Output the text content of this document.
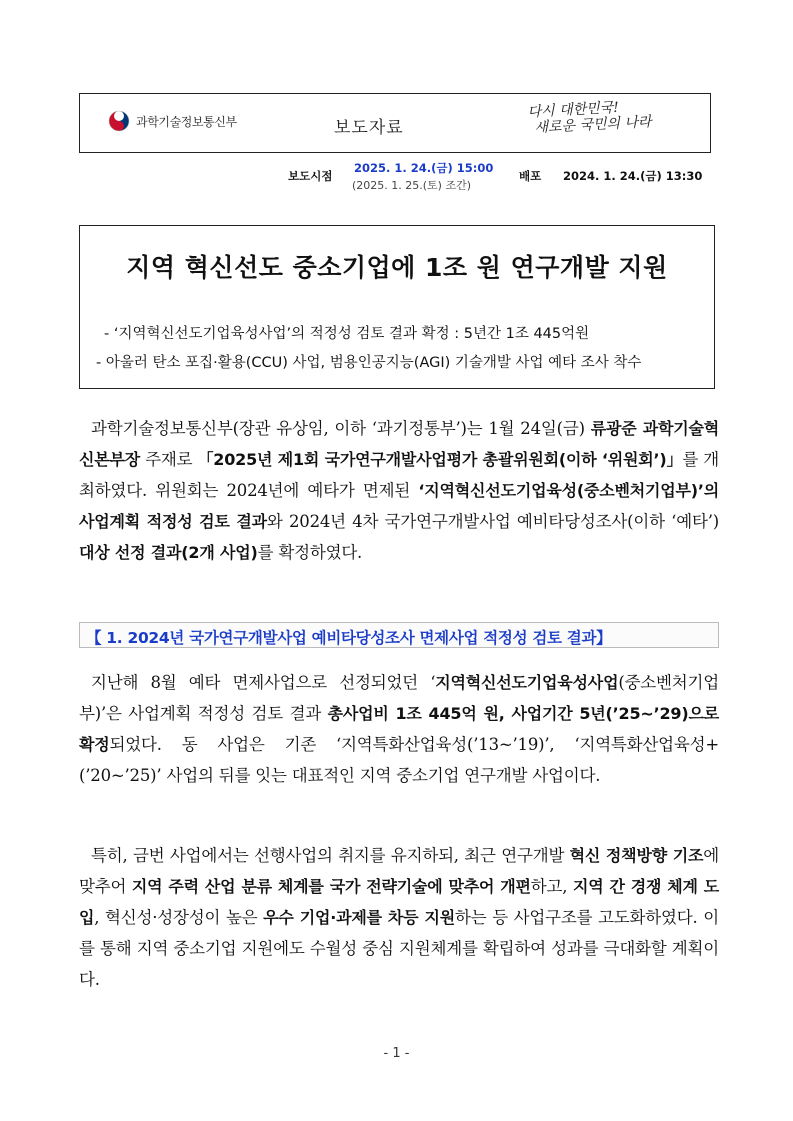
과학기술정보통신부	보도자료
다시 대한민국!
새로운 국민의 나라
보도시점
2025. 1. 24.(금) 15:00
(2025. 1. 25.(토) 조간)
배포 2024. 1. 24.(금) 13:30
지역 혁신선도 중소기업에 1조 원 연구개발 지원
- ‘지역혁신선도기업육성사업’의 적정성 검토 결과 확정 : 5년간 1조 445억원
- 아울러 탄소 포집·활용(CCU) 사업, 범용인공지능(AGI) 기술개발 사업 예타 조사 착수
과학기술정보통신부(장관 유상임, 이하 ‘과기정통부’)는 1월 24일(금) 류광준 과학기술혁신본부장 주재로 「2025년 제1회 국가연구개발사업평가 총괄위원회(이하 ‘위원회’)」를 개최하였다. 위원회는 2024년에 예타가 면제된 ‘지역혁신선도기업육성(중소벤처기업부)’의 사업계획 적정성 검토 결과와 2024년 4차 국가연구개발사업 예비타당성조사(이하 ‘예타’) 대상 선정 결과(2개 사업)를 확정하였다.
【 1. 2024년 국가연구개발사업 예비타당성조사 면제사업 적정성 검토 결과】
지난해 8월 예타 면제사업으로 선정되었던 ‘지역혁신선도기업육성사업(중소벤처기업부)’은 사업계획 적정성 검토 결과 총사업비 1조 445억 원, 사업기간 5년(’25~’29)으로 확정되었다. 동 사업은 기존 ‘지역특화산업육성(’13~’19)’, ‘지역특화산업육성+(’20~’25)’ 사업의 뒤를 잇는 대표적인 지역 중소기업 연구개발 사업이다.
특히, 금번 사업에서는 선행사업의 취지를 유지하되, 최근 연구개발 혁신 정책방향 기조에 맞추어 지역 주력 산업 분류 체계를 국가 전략기술에 맞추어 개편하고, 지역 간 경쟁 체계 도입, 혁신성·성장성이 높은 우수 기업·과제를 차등 지원하는 등 사업구조를 고도화하였다. 이를 통해 지역 중소기업 지원에도 수월성 중심 지원체계를 확립하여 성과를 극대화할 계획이다.
- 1 -
